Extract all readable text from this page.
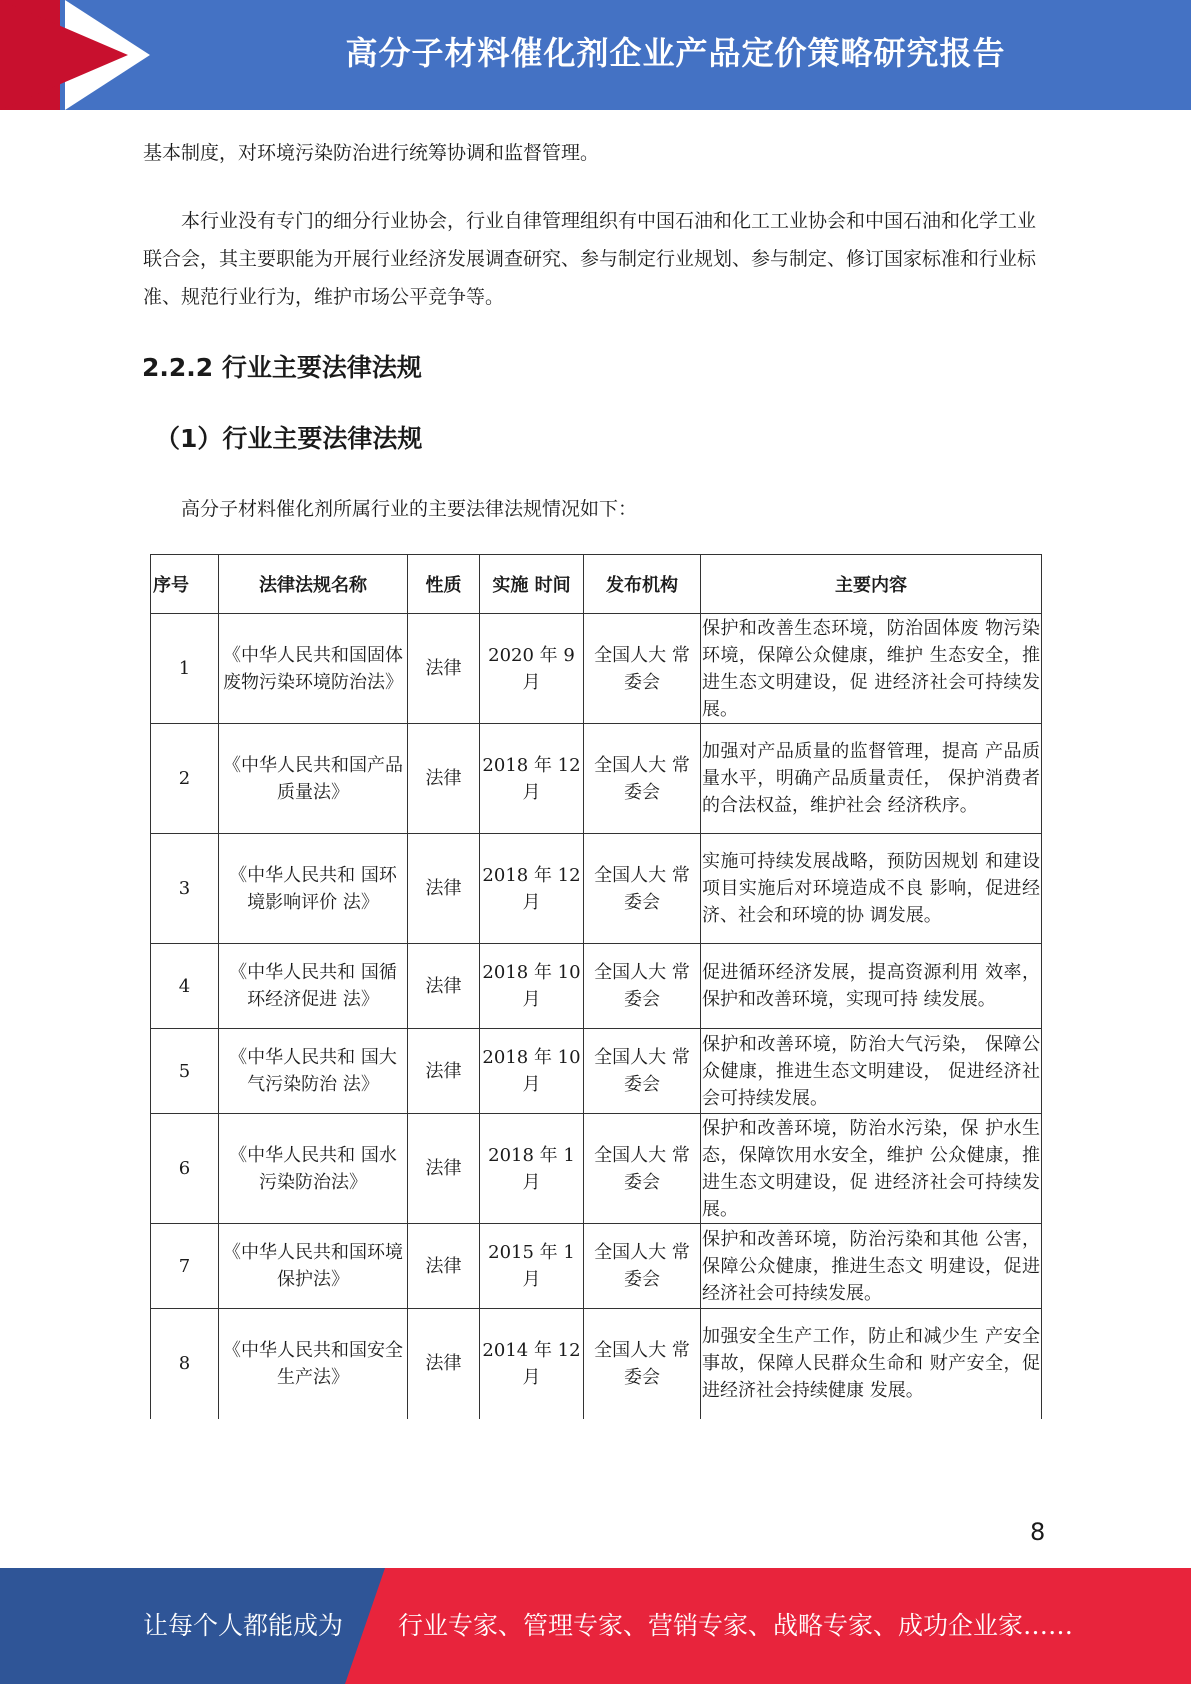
高分子材料催化剂企业产品定价策略研究报告

基本制度，对环境污染防治进行统筹协调和监督管理。

本行业没有专门的细分行业协会，行业自律管理组织有中国石油和化工工业协会和中国石油和化学工业联合会，其主要职能为开展行业经济发展调查研究、参与制定行业规划、参与制定、修订国家标准和行业标准、规范行业行为，维护市场公平竞争等。

2.2.2 行业主要法律法规
（1）行业主要法律法规

高分子材料催化剂所属行业的主要法律法规情况如下：

序号	法律法规名称	性质	实施 时间	发布机构	主要内容
1	《中华人民共和国固体废物污染环境防治法》	法律	2020 年 9月	全国人大 常委会	保护和改善生态环境，防治固体废 物污染环境，保障公众健康，维护 生态安全，推进生态文明建设，促 进经济社会可持续发展。
2	《中华人民共和国产品质量法》	法律	2018 年 12 月	全国人大 常委会	加强对产品质量的监督管理，提高 产品质量水平，明确产品质量责任， 保护消费者的合法权益，维护社会 经济秩序。
3	《中华人民共和 国环境影响评价 法》	法律	2018 年 12 月	全国人大 常委会	实施可持续发展战略，预防因规划 和建设项目实施后对环境造成不良 影响，促进经济、社会和环境的协 调发展。
4	《中华人民共和 国循环经济促进 法》	法律	2018 年 10 月	全国人大 常委会	促进循环经济发展，提高资源利用 效率，保护和改善环境，实现可持 续发展。
5	《中华人民共和 国大气污染防治 法》	法律	2018 年 10 月	全国人大 常委会	保护和改善环境，防治大气污染， 保障公众健康，推进生态文明建设， 促进经济社会可持续发展。
6	《中华人民共和 国水污染防治法》	法律	2018 年 1 月	全国人大 常委会	保护和改善环境，防治水污染，保 护水生态，保障饮用水安全，维护 公众健康，推进生态文明建设，促 进经济社会可持续发展。
7	《中华人民共和国环境保护法》	法律	2015 年 1 月	全国人大 常委会	保护和改善环境，防治污染和其他 公害，保障公众健康，推进生态文 明建设，促进经济社会可持续发展。
8	《中华人民共和国安全生产法》	法律	2014 年 12 月	全国人大 常委会	加强安全生产工作，防止和减少生 产安全事故，保障人民群众生命和 财产安全，促进经济社会持续健康 发展。
8
让每个人都能成为 行业专家、管理专家、营销专家、战略专家、成功企业家……
